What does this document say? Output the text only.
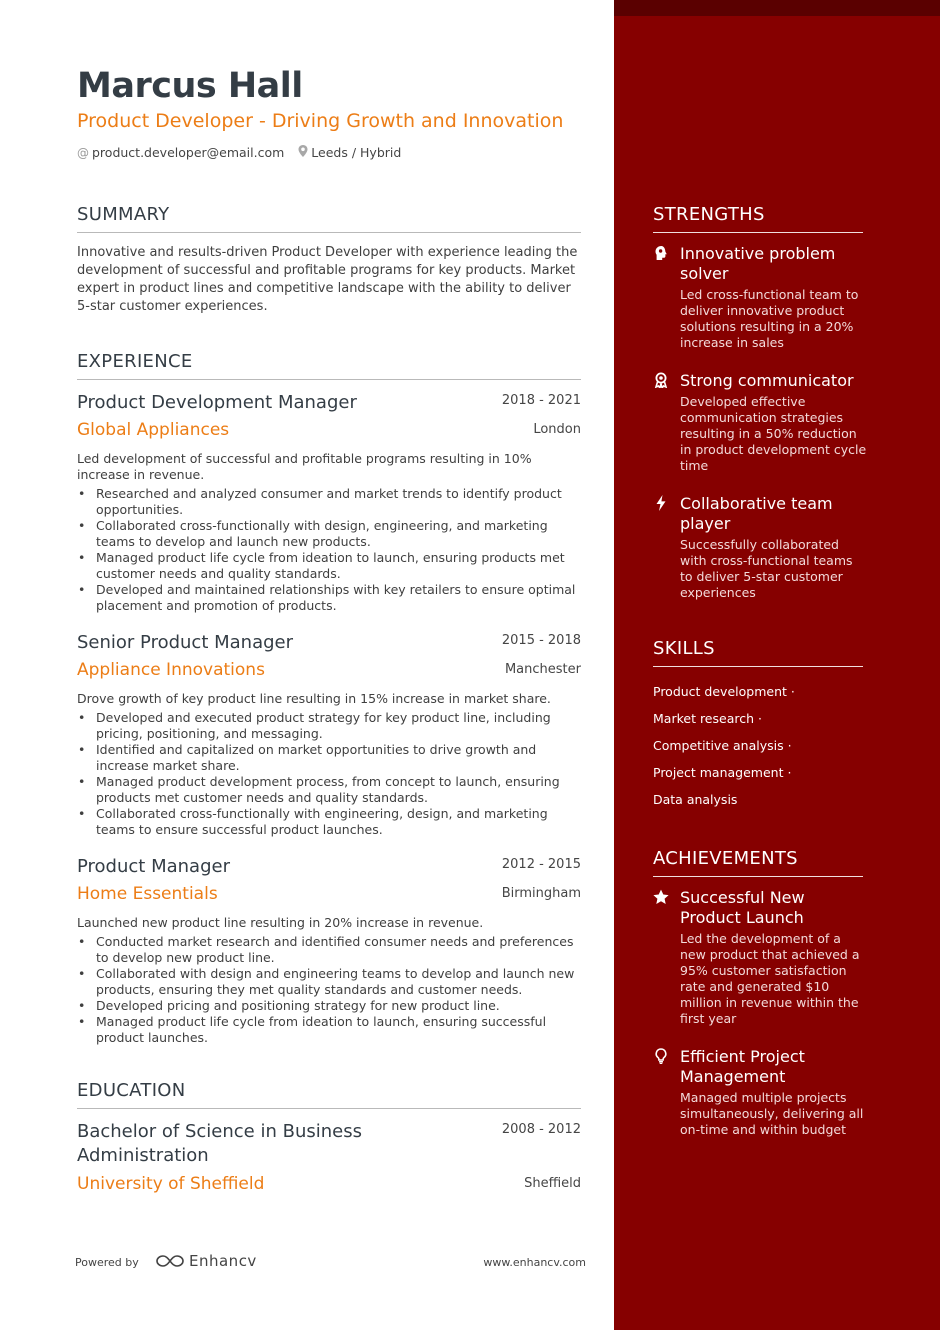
Marcus Hall
Product Developer - Driving Growth and Innovation
@ product.developer@email.com Leeds / Hybrid
SUMMARY
Innovative and results-driven Product Developer with experience leading the development of successful and profitable programs for key products. Market expert in product lines and competitive landscape with the ability to deliver 5-star customer experiences.
EXPERIENCE
Product Development Manager	2018 - 2021
Global Appliances	London
Led development of successful and profitable programs resulting in 10% increase in revenue.
• Researched and analyzed consumer and market trends to identify product opportunities.
• Collaborated cross-functionally with design, engineering, and marketing teams to develop and launch new products.
• Managed product life cycle from ideation to launch, ensuring products met customer needs and quality standards.
• Developed and maintained relationships with key retailers to ensure optimal placement and promotion of products.
Senior Product Manager	2015 - 2018
Appliance Innovations	Manchester
Drove growth of key product line resulting in 15% increase in market share.
• Developed and executed product strategy for key product line, including pricing, positioning, and messaging.
• Identified and capitalized on market opportunities to drive growth and increase market share.
• Managed product development process, from concept to launch, ensuring products met customer needs and quality standards.
• Collaborated cross-functionally with engineering, design, and marketing teams to ensure successful product launches.
Product Manager	2012 - 2015
Home Essentials	Birmingham
Launched new product line resulting in 20% increase in revenue.
• Conducted market research and identified consumer needs and preferences to develop new product line.
• Collaborated with design and engineering teams to develop and launch new products, ensuring they met quality standards and customer needs.
• Developed pricing and positioning strategy for new product line.
• Managed product life cycle from ideation to launch, ensuring successful product launches.
EDUCATION
Bachelor of Science in Business Administration
2008 - 2012
University of Sheffield	Sheffield
Powered by	Enhancv	www.enhancv.com
STRENGTHS
Innovative problem solver
Led cross-functional team to deliver innovative product solutions resulting in a 20% increase in sales
Strong communicator
Developed effective communication strategies resulting in a 50% reduction in product development cycle time
Collaborative team player
Successfully collaborated with cross-functional teams to deliver 5-star customer experiences
SKILLS
Product development ·
Market research ·
Competitive analysis ·
Project management ·
Data analysis
ACHIEVEMENTS
Successful New Product Launch
Led the development of a new product that achieved a 95% customer satisfaction rate and generated $10 million in revenue within the first year
Efficient Project Management
Managed multiple projects simultaneously, delivering all on-time and within budget
